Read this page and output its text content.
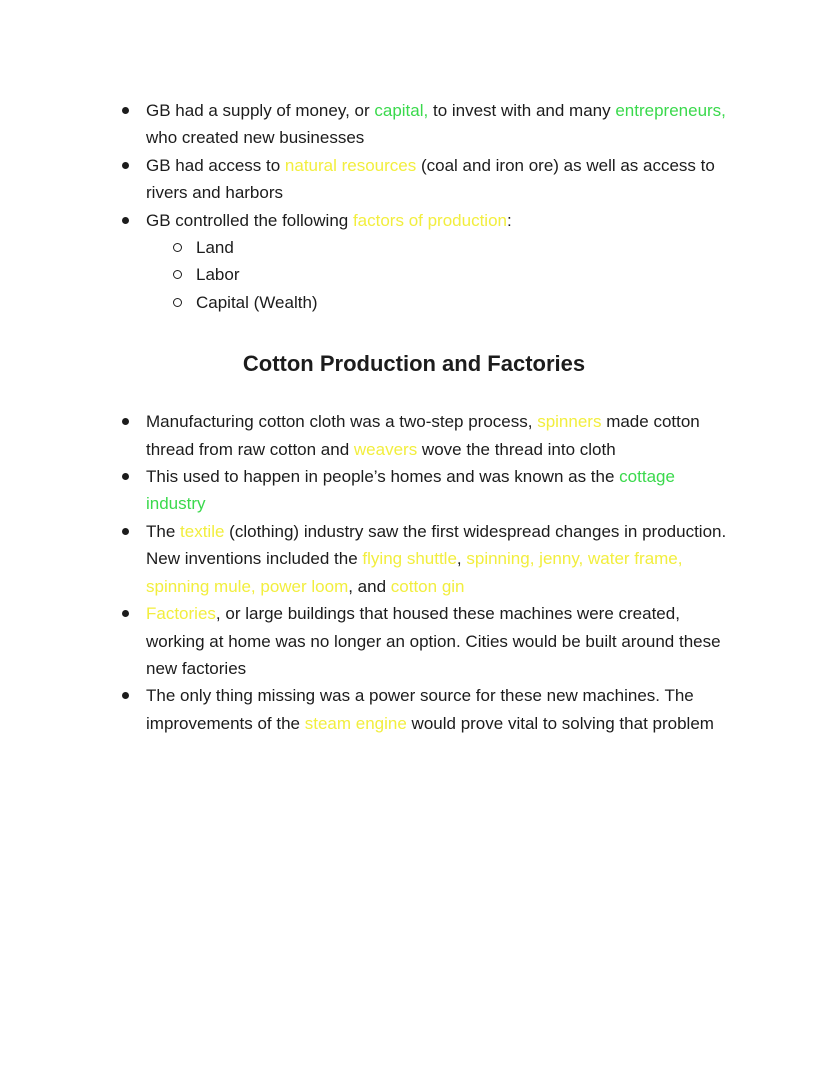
GB had a supply of money, or capital, to invest with and many entrepreneurs, who created new businesses
GB had access to natural resources (coal and iron ore) as well as access to rivers and harbors
GB controlled the following factors of production:
Land
Labor
Capital (Wealth)
Cotton Production and Factories
Manufacturing cotton cloth was a two-step process, spinners made cotton thread from raw cotton and weavers wove the thread into cloth
This used to happen in people’s homes and was known as the cottage industry
The textile (clothing) industry saw the first widespread changes in production. New inventions included the flying shuttle, spinning, jenny, water frame, spinning mule, power loom, and cotton gin
Factories, or large buildings that housed these machines were created, working at home was no longer an option. Cities would be built around these new factories
The only thing missing was a power source for these new machines. The improvements of the steam engine would prove vital to solving that problem
